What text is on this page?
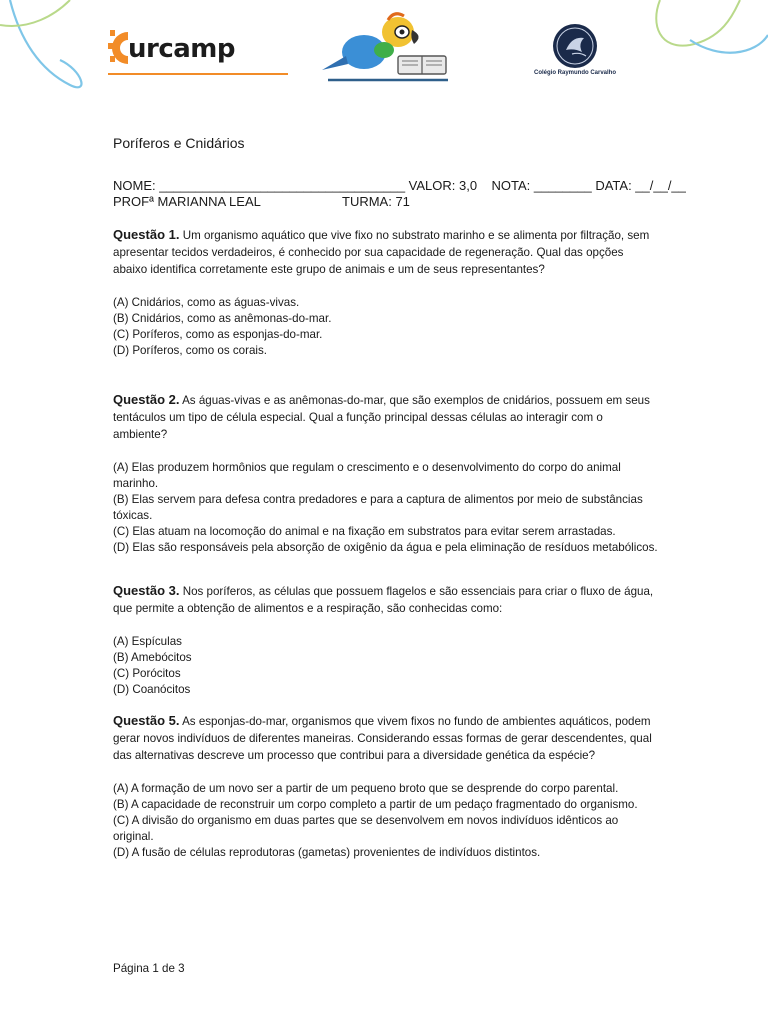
urcamp
Colégio Raymundo Carvalho
Poríferos e Cnidários
NOME: __________________________________ VALOR: 3,0    NOTA: ________ DATA: __/__/__
PROFª MARIANNA LEAL	TURMA: 71
Questão 1. Um organismo aquático que vive fixo no substrato marinho e se alimenta por filtração, sem apresentar tecidos verdadeiros, é conhecido por sua capacidade de regeneração. Qual das opções abaixo identifica corretamente este grupo de animais e um de seus representantes?
(A) Cnidários, como as águas-vivas.
(B) Cnidários, como as anêmonas-do-mar.
(C) Poríferos, como as esponjas-do-mar.
(D) Poríferos, como os corais.
Questão 2. As águas-vivas e as anêmonas-do-mar, que são exemplos de cnidários, possuem em seus tentáculos um tipo de célula especial. Qual a função principal dessas células ao interagir com o ambiente?
(A) Elas produzem hormônios que regulam o crescimento e o desenvolvimento do corpo do animal marinho.
(B) Elas servem para defesa contra predadores e para a captura de alimentos por meio de substâncias tóxicas.
(C) Elas atuam na locomoção do animal e na fixação em substratos para evitar serem arrastadas.
(D) Elas são responsáveis pela absorção de oxigênio da água e pela eliminação de resíduos metabólicos.
Questão 3. Nos poríferos, as células que possuem flagelos e são essenciais para criar o fluxo de água, que permite a obtenção de alimentos e a respiração, são conhecidas como:
(A) Espículas
(B) Amebócitos
(C) Porócitos
(D) Coanócitos
Questão 5. As esponjas-do-mar, organismos que vivem fixos no fundo de ambientes aquáticos, podem gerar novos indivíduos de diferentes maneiras. Considerando essas formas de gerar descendentes, qual das alternativas descreve um processo que contribui para a diversidade genética da espécie?
(A) A formação de um novo ser a partir de um pequeno broto que se desprende do corpo parental.
(B) A capacidade de reconstruir um corpo completo a partir de um pedaço fragmentado do organismo.
(C) A divisão do organismo em duas partes que se desenvolvem em novos indivíduos idênticos ao original.
(D) A fusão de células reprodutoras (gametas) provenientes de indivíduos distintos.
Página 1 de 3
